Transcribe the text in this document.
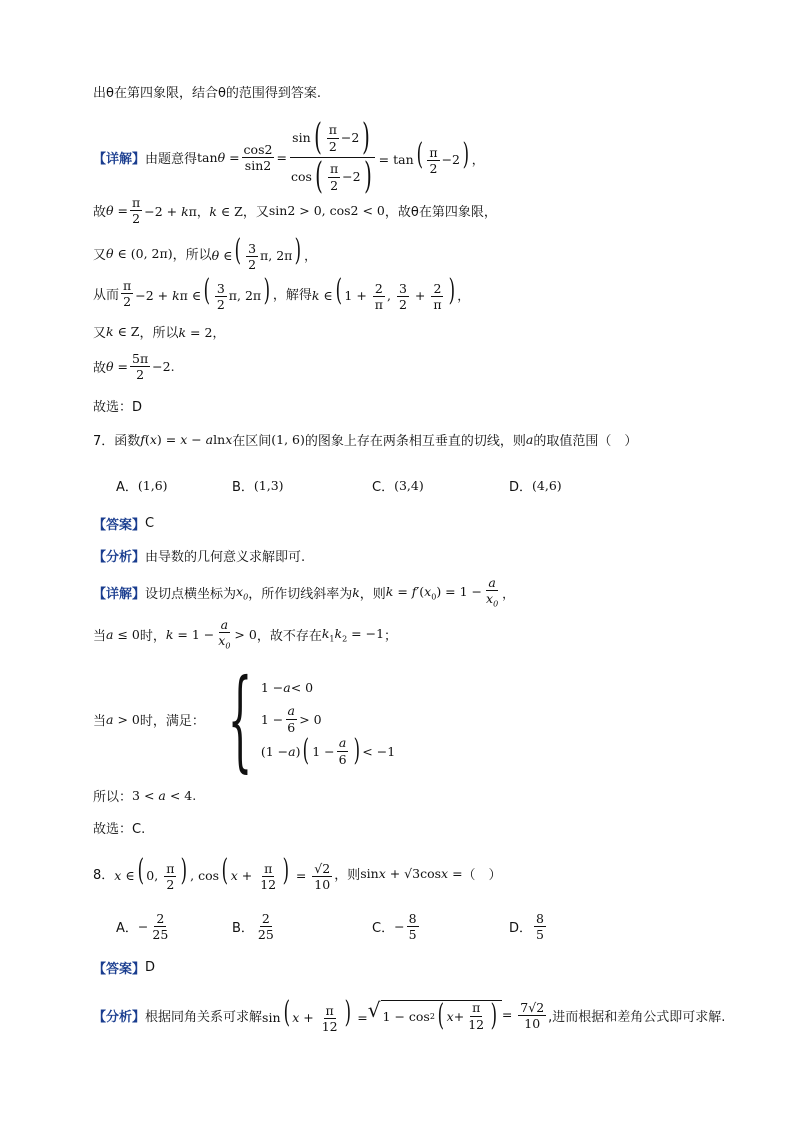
出θ在第四象限，结合θ的范围得到答案.
【详解】 由题意得 $\tan\theta = \frac{\cos 2}{\sin 2} = \frac{\sin ( \frac{\pi}{2} -2 )}{\cos ( \frac{\pi}{2} -2 )} = \tan( \frac{\pi}{2} -2)$ ，
故 $\theta = \frac{\pi}{2} -2 + k\pi$，k ∈ Z ，又 sin2 > 0, cos2 < 0 ，故θ在第四象限，
又 θ ∈ (0, 2π) ，所以 θ ∈( $\frac{3}{2} \pi$, 2π) ，
从而 $\frac{\pi}{2} -2 + k\pi$ ∈( $\frac{3}{2} \pi$, 2π) ，解得 k ∈( $1 + \frac{2}{\pi}$ , $\frac{3}{2} + \frac{2}{\pi}$ ) ，
又 k ∈ Z ，所以 k = 2，
故 $\theta = \frac{5\pi}{2} -2$.
故选：D
7．函数 f(x) = x − alnx 在区间 (1, 6) 的图象上存在两条相互垂直的切线，则 a 的取值范围（　）
A． (1,6)	B． (1,3)	C． (3,4)	D． (4,6)
【答案】 C
【分析】 由导数的几何意义求解即可.
【详解】 设切点横坐标为 $x_0$ ，所作切线斜率为 k ，则 $k = f'(x_0) = 1 - \frac{a}{x_0}$ ，
当 a ≤ 0 时， $k = 1 - \frac{a}{x_0} > 0$ ，故不存在 $k_1k_2 = -1$ ；
当 a > 0 时，满足： { 1 − a < 0
$1 - \frac{a}{6} > 0$
(1 − a ) ( $1 - \frac{a}{6}$ ) < −1
所以： 3 < a < 4.
故选：C.
8． x ∈( 0, $\frac{\pi}{2}$ ) , cos( $x + \frac{\pi}{12}$ ) = $\frac{√2}{10}$ ，则 sinx + √3cosx = （　）
A． − $\frac{2}{25}$	B． $\frac{2}{25}$	C． − $\frac{8}{5}$	D． $\frac{8}{5}$
【答案】 D
【分析】 根据同角关系可求解 sin( $x + \frac{\pi}{12}$ ) = √ 1 − cos 2 ( $x + \frac{\pi}{12}$ ) = $\frac{7√2}{10}$ ,进而根据和差角公式即可求解.
